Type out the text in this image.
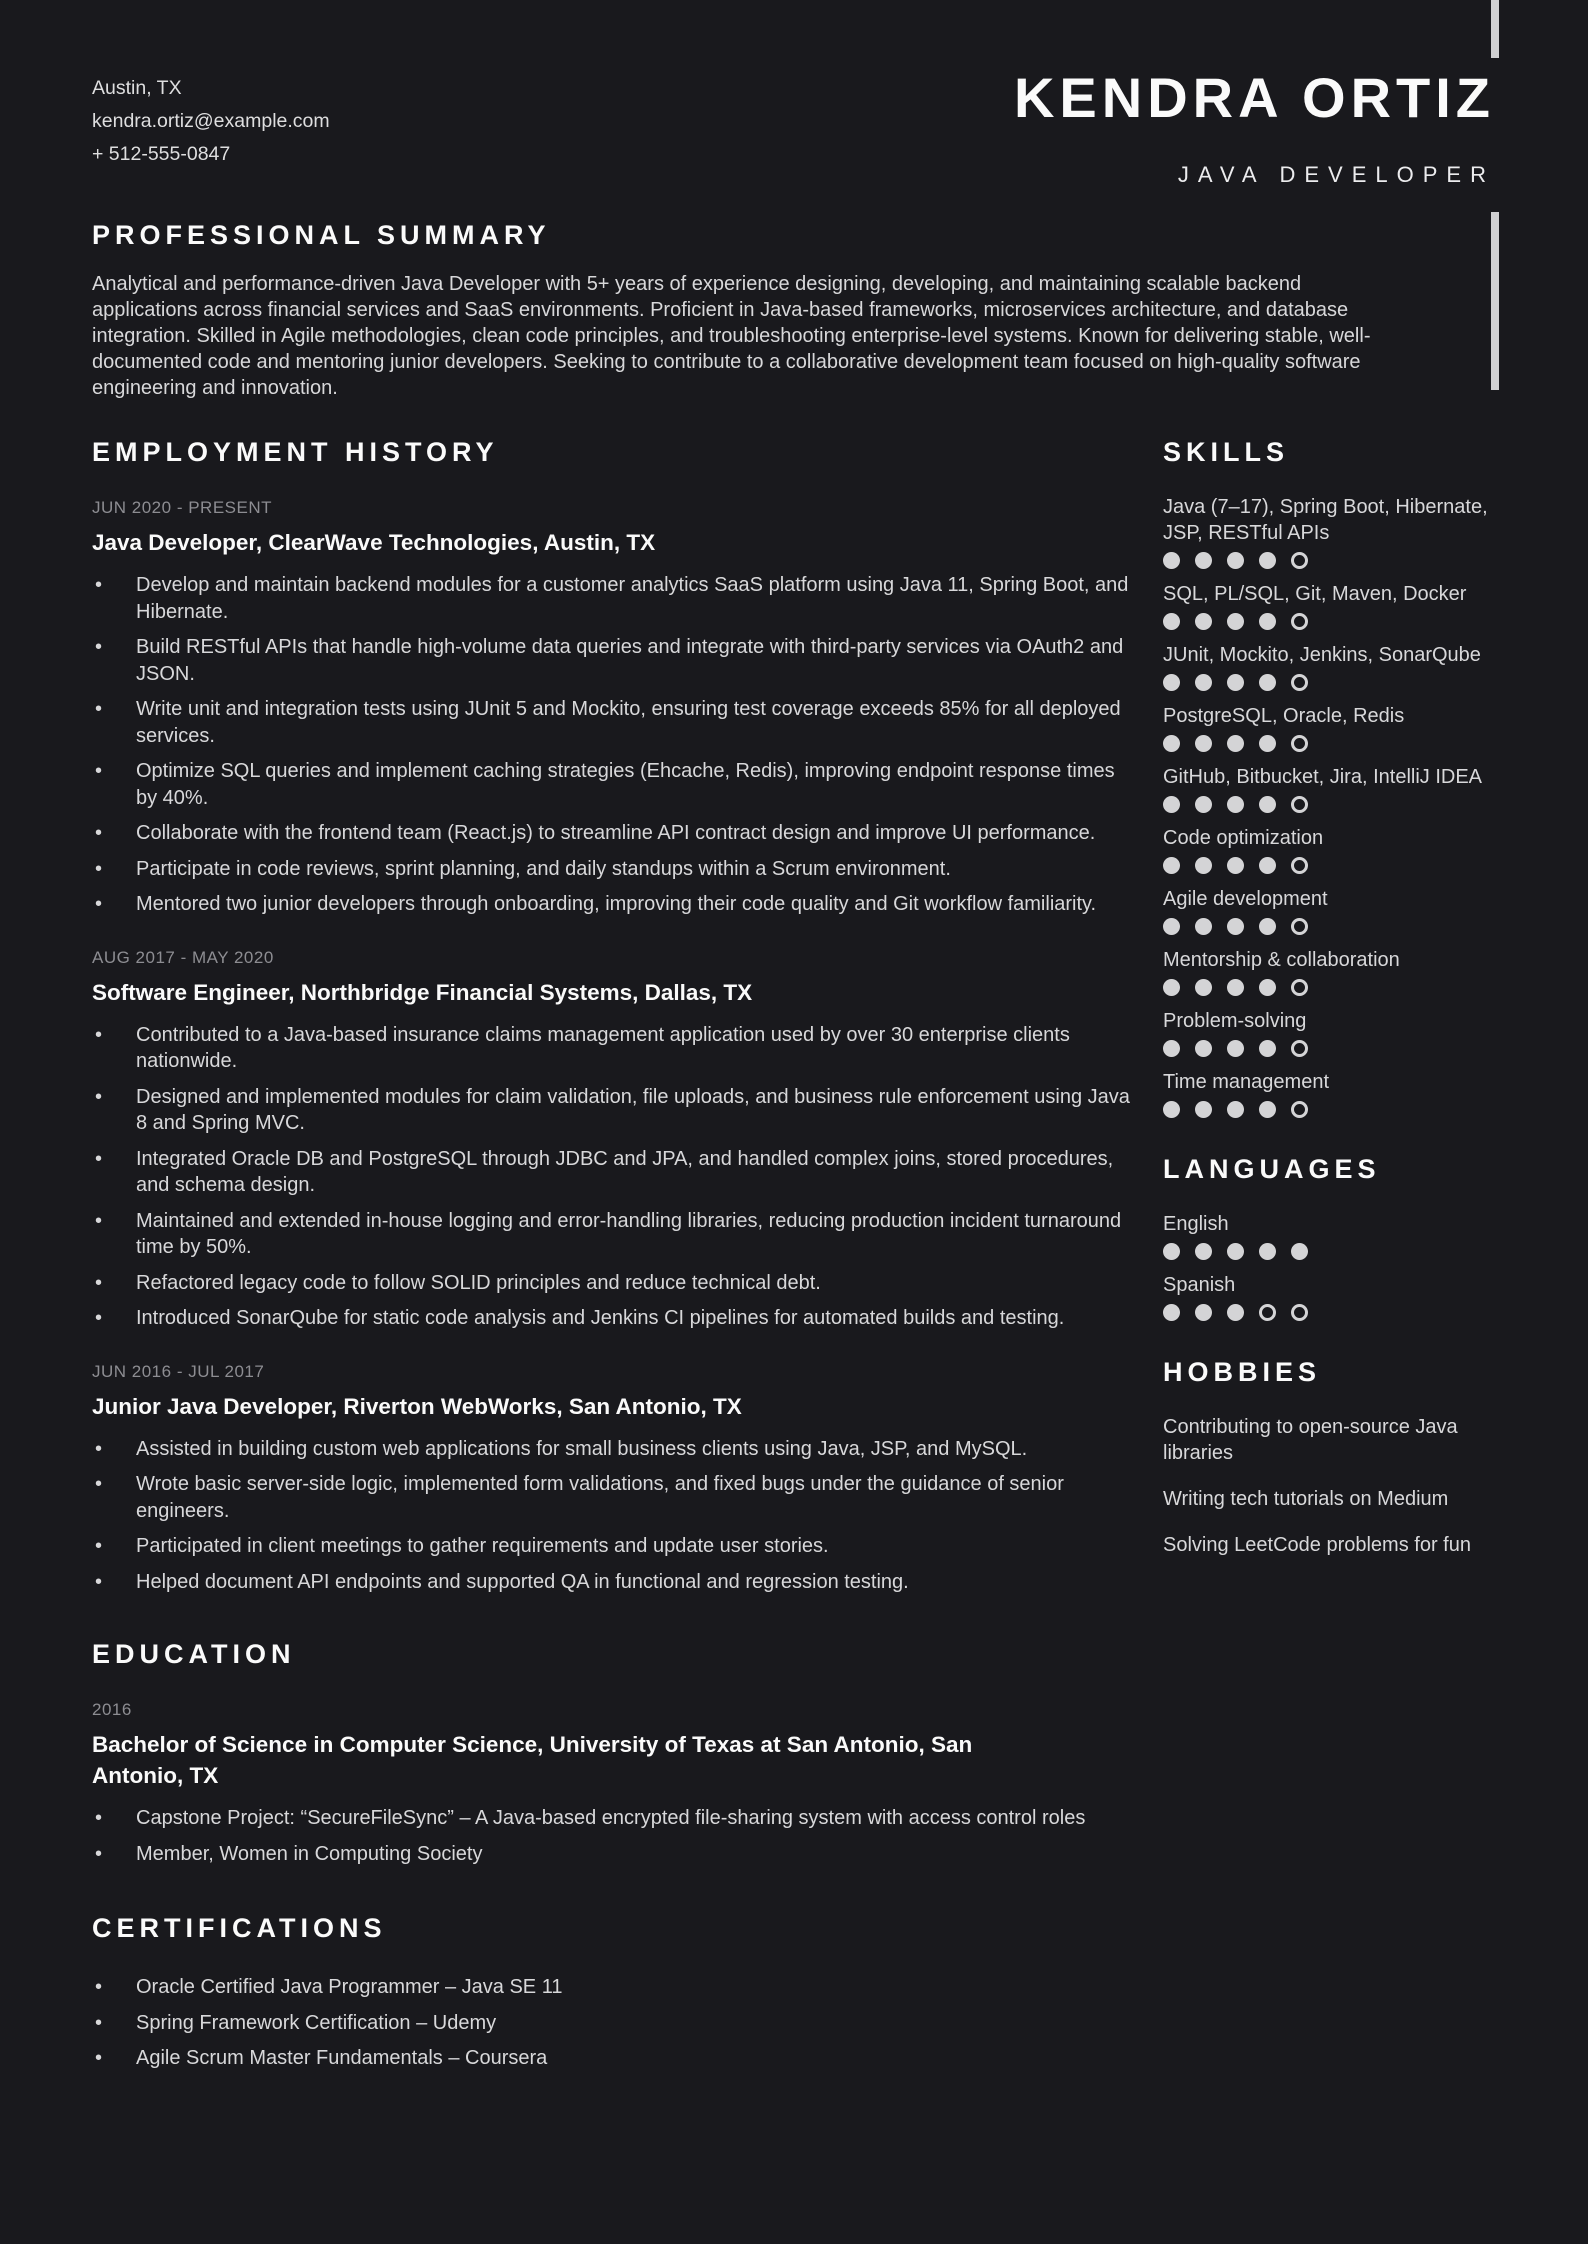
Austin, TX
kendra.ortiz@example.com
+ 512-555-0847
KENDRA ORTIZ
JAVA DEVELOPER
PROFESSIONAL SUMMARY

Analytical and performance-driven Java Developer with 5+ years of experience designing, developing, and maintaining scalable backend applications across financial services and SaaS environments. Proficient in Java-based frameworks, microservices architecture, and database integration. Skilled in Agile methodologies, clean code principles, and troubleshooting enterprise-level systems. Known for delivering stable, well-documented code and mentoring junior developers. Seeking to contribute to a collaborative development team focused on high-quality software engineering and innovation.

EMPLOYMENT HISTORY
JUN 2020 - PRESENT
Java Developer, ClearWave Technologies, Austin, TX
• Develop and maintain backend modules for a customer analytics SaaS platform using Java 11, Spring Boot, and Hibernate.
• Build RESTful APIs that handle high-volume data queries and integrate with third-party services via OAuth2 and JSON.
• Write unit and integration tests using JUnit 5 and Mockito, ensuring test coverage exceeds 85% for all deployed services.
• Optimize SQL queries and implement caching strategies (Ehcache, Redis), improving endpoint response times by 40%.
• Collaborate with the frontend team (React.js) to streamline API contract design and improve UI performance.
• Participate in code reviews, sprint planning, and daily standups within a Scrum environment.
• Mentored two junior developers through onboarding, improving their code quality and Git workflow familiarity.
AUG 2017 - MAY 2020
Software Engineer, Northbridge Financial Systems, Dallas, TX
• Contributed to a Java-based insurance claims management application used by over 30 enterprise clients nationwide.
• Designed and implemented modules for claim validation, file uploads, and business rule enforcement using Java 8 and Spring MVC.
• Integrated Oracle DB and PostgreSQL through JDBC and JPA, and handled complex joins, stored procedures, and schema design.
• Maintained and extended in-house logging and error-handling libraries, reducing production incident turnaround time by 50%.
• Refactored legacy code to follow SOLID principles and reduce technical debt.
• Introduced SonarQube for static code analysis and Jenkins CI pipelines for automated builds and testing.
JUN 2016 - JUL 2017
Junior Java Developer, Riverton WebWorks, San Antonio, TX
• Assisted in building custom web applications for small business clients using Java, JSP, and MySQL.
• Wrote basic server-side logic, implemented form validations, and fixed bugs under the guidance of senior engineers.
• Participated in client meetings to gather requirements and update user stories.
• Helped document API endpoints and supported QA in functional and regression testing.
EDUCATION
2016
Bachelor of Science in Computer Science, University of Texas at San Antonio, San Antonio, TX
• Capstone Project: “SecureFileSync” – A Java-based encrypted file-sharing system with access control roles
• Member, Women in Computing Society
CERTIFICATIONS
• Oracle Certified Java Programmer – Java SE 11
• Spring Framework Certification – Udemy
• Agile Scrum Master Fundamentals – Coursera
SKILLS
Java (7–17), Spring Boot, Hibernate, JSP, RESTful APIs
SQL, PL/SQL, Git, Maven, Docker
JUnit, Mockito, Jenkins, SonarQube
PostgreSQL, Oracle, Redis
GitHub, Bitbucket, Jira, IntelliJ IDEA
Code optimization
Agile development
Mentorship & collaboration
Problem-solving
Time management
LANGUAGES
English
Spanish
HOBBIES
Contributing to open-source Java libraries
Writing tech tutorials on Medium
Solving LeetCode problems for fun
